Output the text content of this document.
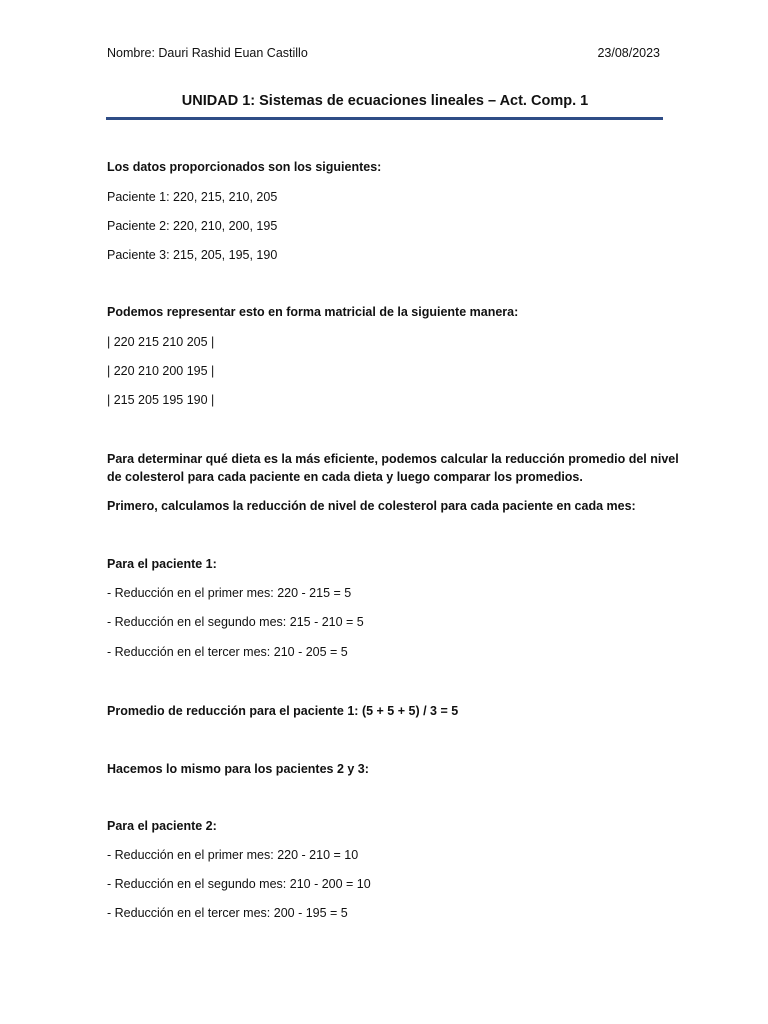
Nombre: Dauri Rashid Euan Castillo	23/08/2023
UNIDAD 1: Sistemas de ecuaciones lineales – Act. Comp. 1
Los datos proporcionados son los siguientes:
Paciente 1: 220, 215, 210, 205
Paciente 2: 220, 210, 200, 195
Paciente 3: 215, 205, 195, 190
Podemos representar esto en forma matricial de la siguiente manera:
| 220 215 210 205 |
| 220 210 200 195 |
| 215 205 195 190 |
Para determinar qué dieta es la más eficiente, podemos calcular la reducción promedio del nivel
de colesterol para cada paciente en cada dieta y luego comparar los promedios.
Primero, calculamos la reducción de nivel de colesterol para cada paciente en cada mes:
Para el paciente 1:
- Reducción en el primer mes: 220 - 215 = 5
- Reducción en el segundo mes: 215 - 210 = 5
- Reducción en el tercer mes: 210 - 205 = 5
Promedio de reducción para el paciente 1: (5 + 5 + 5) / 3 = 5
Hacemos lo mismo para los pacientes 2 y 3:
Para el paciente 2:
- Reducción en el primer mes: 220 - 210 = 10
- Reducción en el segundo mes: 210 - 200 = 10
- Reducción en el tercer mes: 200 - 195 = 5
